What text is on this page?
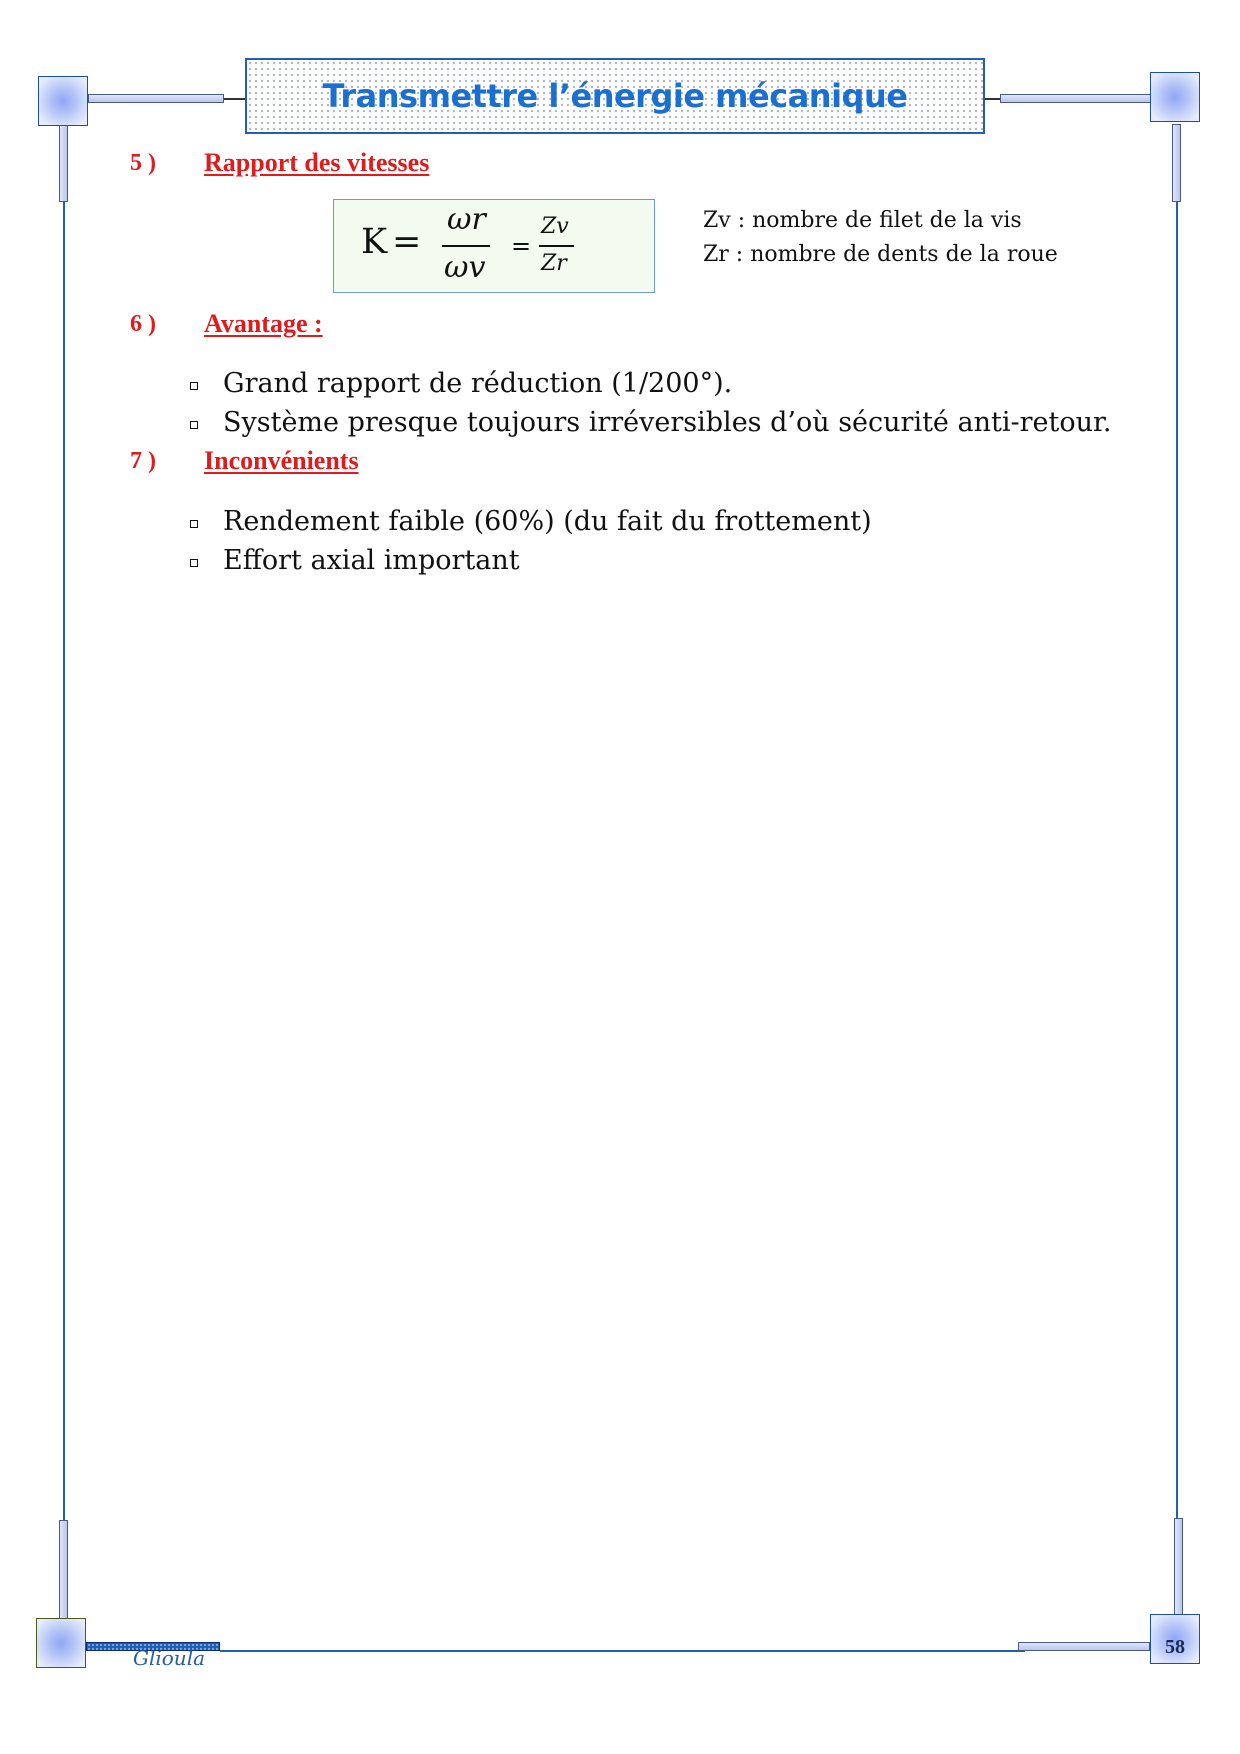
Transmettre l’énergie mécanique
5 ) Rapport des vitesses
K =
ωr
ωv
=
Zv
Zr
Zv : nombre de filet de la vis
Zr : nombre de dents de la roue
6 ) Avantage :
Grand rapport de réduction (1/200°).
Système presque toujours irréversibles d’où sécurité anti-retour.
7 ) Inconvénients
Rendement faible (60%) (du fait du frottement)
Effort axial important
58
Glioula
